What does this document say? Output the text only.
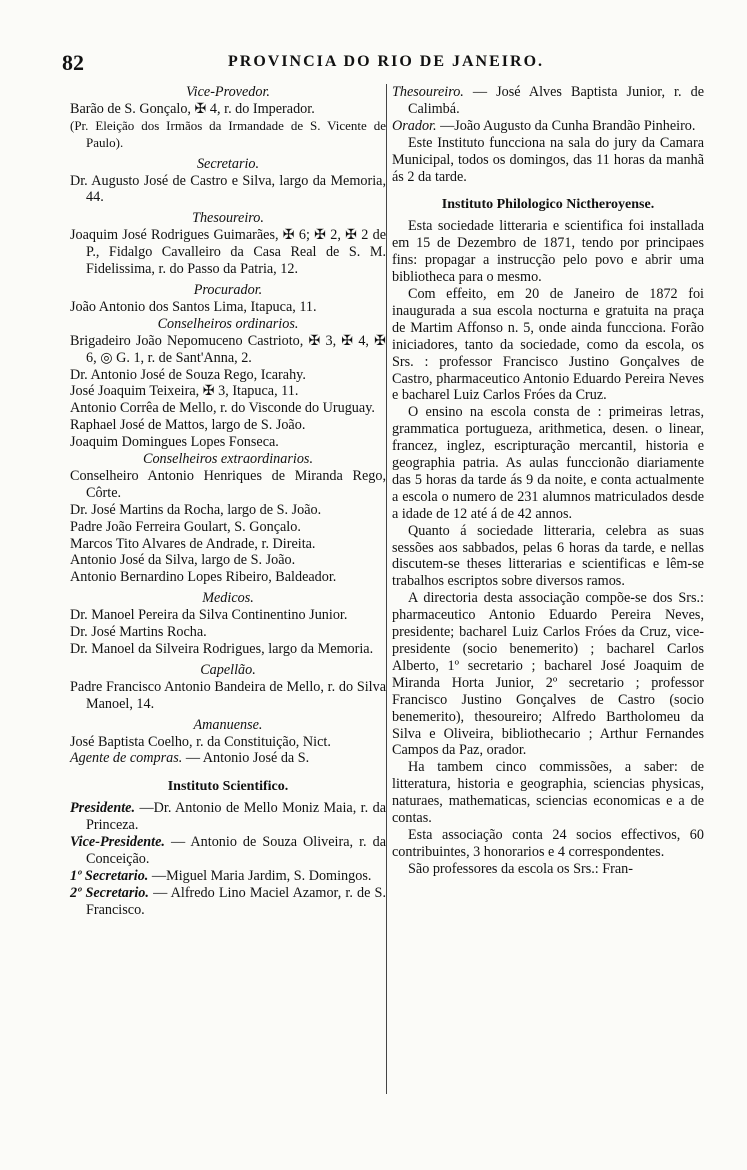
82	PROVINCIA DO RIO DE JANEIRO.

Vice-Provedor.

Barão de S. Gonçalo, ✠ 4, r. do Imperador.

(Pr. Eleição dos Irmãos da Irmandade de S. Vicente de Paulo).

Secretario.

Dr. Augusto José de Castro e Silva, largo da Memoria, 44.

Thesoureiro.

Joaquim José Rodrigues Guimarães, ✠ 6; ✠ 2, ✠ 2 de P., Fidalgo Cavalleiro da Casa Real de S. M. Fidelissima, r. do Passo da Patria, 12.

Procurador.

João Antonio dos Santos Lima, Itapuca, 11.

Conselheiros ordinarios.

Brigadeiro João Nepomuceno Castrioto, ✠ 3, ✠ 4, ✠ 6, ◎ G. 1, r. de Sant'Anna, 2.

Dr. Antonio José de Souza Rego, Icarahy.

José Joaquim Teixeira, ✠ 3, Itapuca, 11.

Antonio Corrêa de Mello, r. do Visconde do Uruguay.

Raphael José de Mattos, largo de S. João.

Joaquim Domingues Lopes Fonseca.

Conselheiros extraordinarios.

Conselheiro Antonio Henriques de Miranda Rego, Côrte.

Dr. José Martins da Rocha, largo de S. João.

Padre João Ferreira Goulart, S. Gonçalo.

Marcos Tito Alvares de Andrade, r. Direita.

Antonio José da Silva, largo de S. João.

Antonio Bernardino Lopes Ribeiro, Baldeador.

Medicos.

Dr. Manoel Pereira da Silva Continentino Junior.

Dr. José Martins Rocha.

Dr. Manoel da Silveira Rodrigues, largo da Memoria.

Capellão.

Padre Francisco Antonio Bandeira de Mello, r. do Silva Manoel, 14.

Amanuense.

José Baptista Coelho, r. da Constituição, Nict.

Agente de compras. — Antonio José da S.

Instituto Scientifico.

Presidente. —Dr. Antonio de Mello Moniz Maia, r. da Princeza.

Vice-Presidente. — Antonio de Souza Oliveira, r. da Conceição.

1º Secretario. —Miguel Maria Jardim, S. Domingos.

2º Secretario. — Alfredo Lino Maciel Azamor, r. de S. Francisco.

Thesoureiro. — José Alves Baptista Junior, r. de Calimbá.

Orador. —João Augusto da Cunha Brandão Pinheiro.

Este Instituto funcciona na sala do jury da Camara Municipal, todos os domingos, das 11 horas da manhã ás 2 da tarde.

Instituto Philologico Nictheroyense.

Esta sociedade litteraria e scientifica foi installada em 15 de Dezembro de 1871, tendo por principaes fins: propagar a instrucção pelo povo e abrir uma bibliotheca para o mesmo.

Com effeito, em 20 de Janeiro de 1872 foi inaugurada a sua escola nocturna e gratuita na praça de Martim Affonso n. 5, onde ainda funcciona. Forão iniciadores, tanto da sociedade, como da escola, os Srs. : professor Francisco Justino Gonçalves de Castro, pharmaceutico Antonio Eduardo Pereira Neves e bacharel Luiz Carlos Fróes da Cruz.

O ensino na escola consta de : primeiras letras, grammatica portugueza, arithmetica, desen. o linear, francez, inglez, escripturação mercantil, historia e geographia patria. As aulas funccionão diariamente das 5 horas da tarde ás 9 da noite, e conta actualmente a escola o numero de 231 alumnos matriculados desde a idade de 12 até á de 42 annos.

Quanto á sociedade litteraria, celebra as suas sessões aos sabbados, pelas 6 horas da tarde, e nellas discutem-se theses litterarias e scientificas e lêm-se trabalhos escriptos sobre diversos ramos.

A directoria desta associação compõe-se dos Srs.: pharmaceutico Antonio Eduardo Pereira Neves, presidente; bacharel Luiz Carlos Fróes da Cruz, vice-presidente (socio benemerito) ; bacharel Carlos Alberto, 1º secretario ; bacharel José Joaquim de Miranda Horta Junior, 2º secretario ; professor Francisco Justino Gonçalves de Castro (socio benemerito), thesoureiro; Alfredo Bartholomeu da Silva e Oliveira, bibliothecario ; Arthur Fernandes Campos da Paz, orador.

Ha tambem cinco commissões, a saber: de litteratura, historia e geographia, sciencias physicas, naturaes, mathematicas, sciencias economicas e a de contas.

Esta associação conta 24 socios effectivos, 60 contribuintes, 3 honorarios e 4 correspondentes.

São professores da escola os Srs.: Fran-
